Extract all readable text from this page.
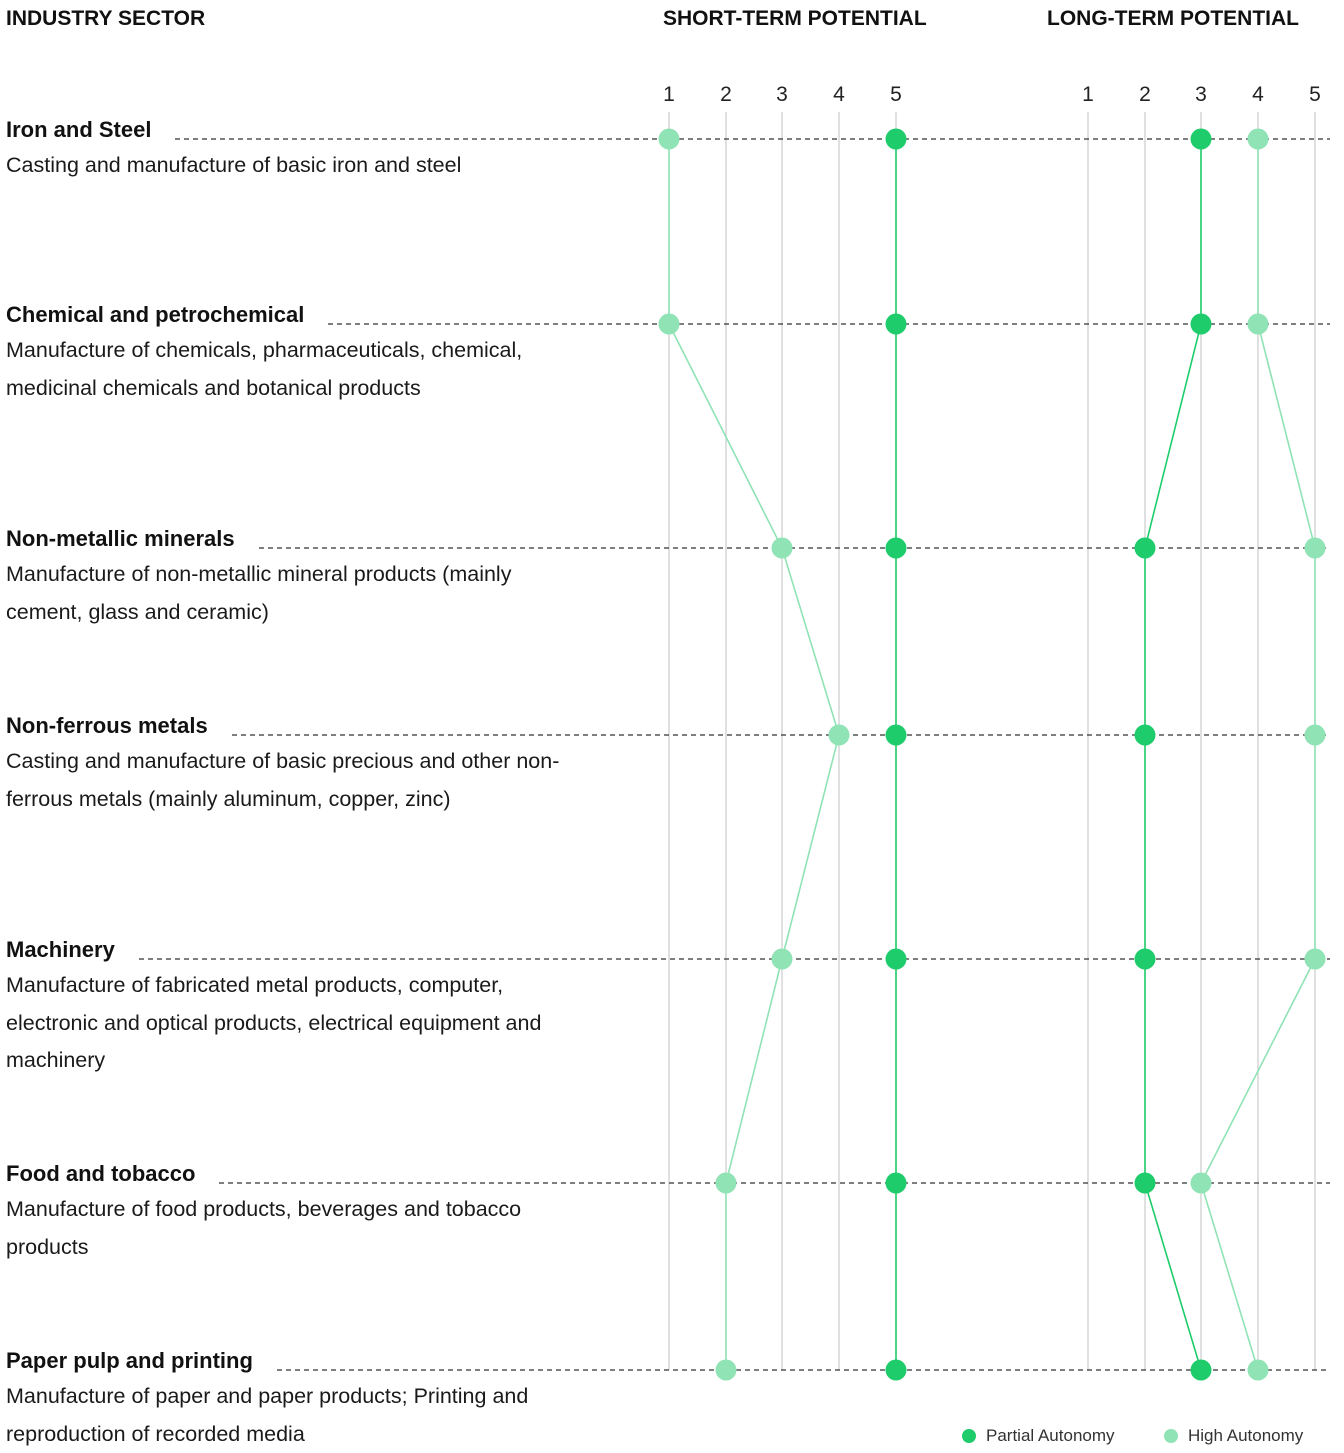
INDUSTRY SECTOR	SHORT-TERM POTENTIAL	LONG-TERM POTENTIAL
1 2 3 4 5	1 2 3 4 5
Iron and Steel
Casting and manufacture of basic iron and steel
Chemical and petrochemical
Manufacture of chemicals, pharmaceuticals, chemical, medicinal chemicals and botanical products
Non-metallic minerals
Manufacture of non-metallic mineral products (mainly cement, glass and ceramic)
Non-ferrous metals
Casting and manufacture of basic precious and other non-ferrous metals (mainly aluminum, copper, zinc)
Machinery
Manufacture of fabricated metal products, computer, electronic and optical products, electrical equipment and machinery
Food and tobacco
Manufacture of food products, beverages and tobacco products
Paper pulp and printing
Manufacture of paper and paper products; Printing and reproduction of recorded media	Partial Autonomy	High Autonomy
